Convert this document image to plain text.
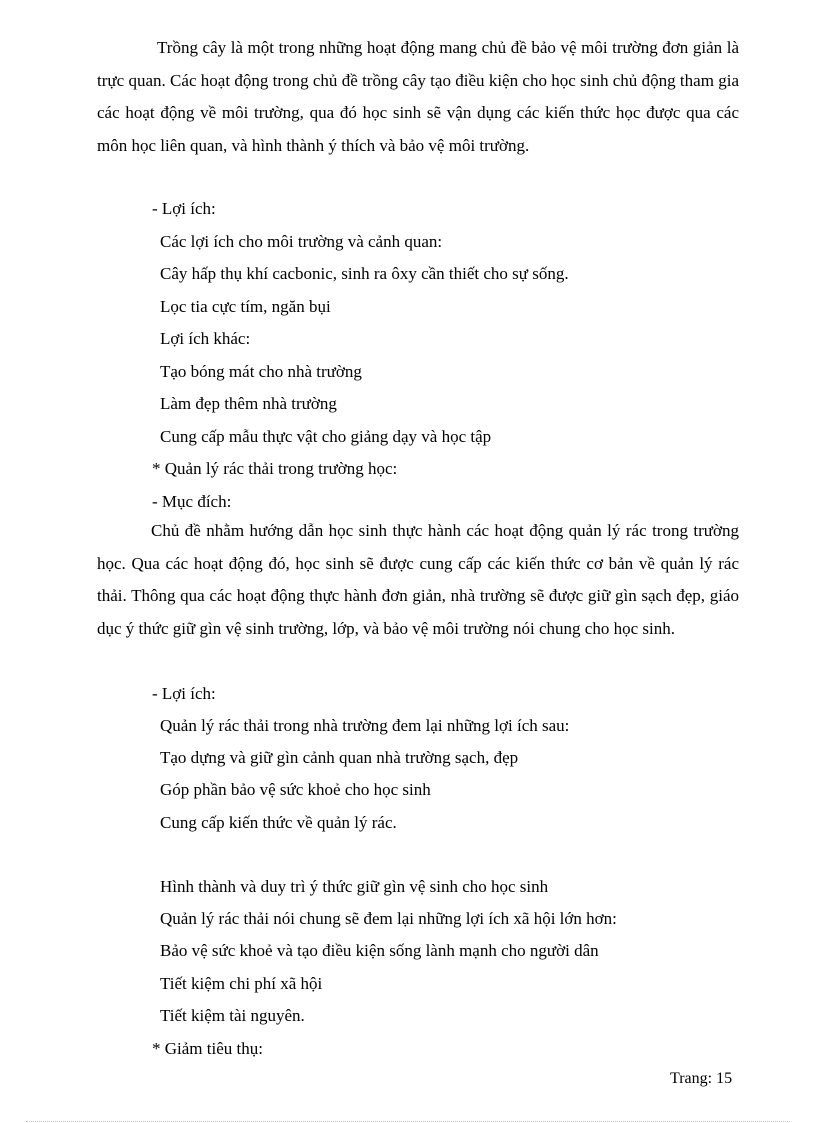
Trồng cây là một trong những hoạt động mang chủ đề bảo vệ môi trường đơn giản là trực quan. Các hoạt động trong chủ đề trồng cây tạo điều kiện cho học sinh chủ động tham gia các hoạt động về môi trường, qua đó học sinh sẽ vận dụng các kiến thức học được qua các môn học liên quan, và hình thành ý thích và bảo vệ môi trường.

- Lợi ích:
Các lợi ích cho môi trường và cảnh quan:
Cây hấp thụ khí cacbonic, sinh ra ôxy cần thiết cho sự sống.
Lọc tia cực tím, ngăn bụi
Lợi ích khác:
Tạo bóng mát cho nhà trường
Làm đẹp thêm nhà trường
Cung cấp mẫu thực vật cho giảng dạy và học tập
* Quản lý rác thải trong trường học:
- Mục đích:

Chủ đề nhằm hướng dẫn học sinh thực hành các hoạt động quản lý rác trong trường học. Qua các hoạt động đó, học sinh sẽ được cung cấp các kiến thức cơ bản về quản lý rác thải. Thông qua các hoạt động thực hành đơn giản, nhà trường sẽ được giữ gìn sạch đẹp, giáo dục ý thức giữ gìn vệ sinh trường, lớp, và bảo vệ môi trường nói chung cho học sinh.

- Lợi ích:
Quản lý rác thải trong nhà trường đem lại những lợi ích sau:
Tạo dựng và giữ gìn cảnh quan nhà trường sạch, đẹp
Góp phần bảo vệ sức khoẻ cho học sinh
Cung cấp kiến thức về quản lý rác.
Hình thành và duy trì ý thức giữ gìn vệ sinh cho học sinh
Quản lý rác thải nói chung sẽ đem lại những lợi ích xã hội lớn hơn:
Bảo vệ sức khoẻ và tạo điều kiện sống lành mạnh cho người dân
Tiết kiệm chi phí xã hội
Tiết kiệm tài nguyên.
* Giảm tiêu thụ:
Trang: 15
